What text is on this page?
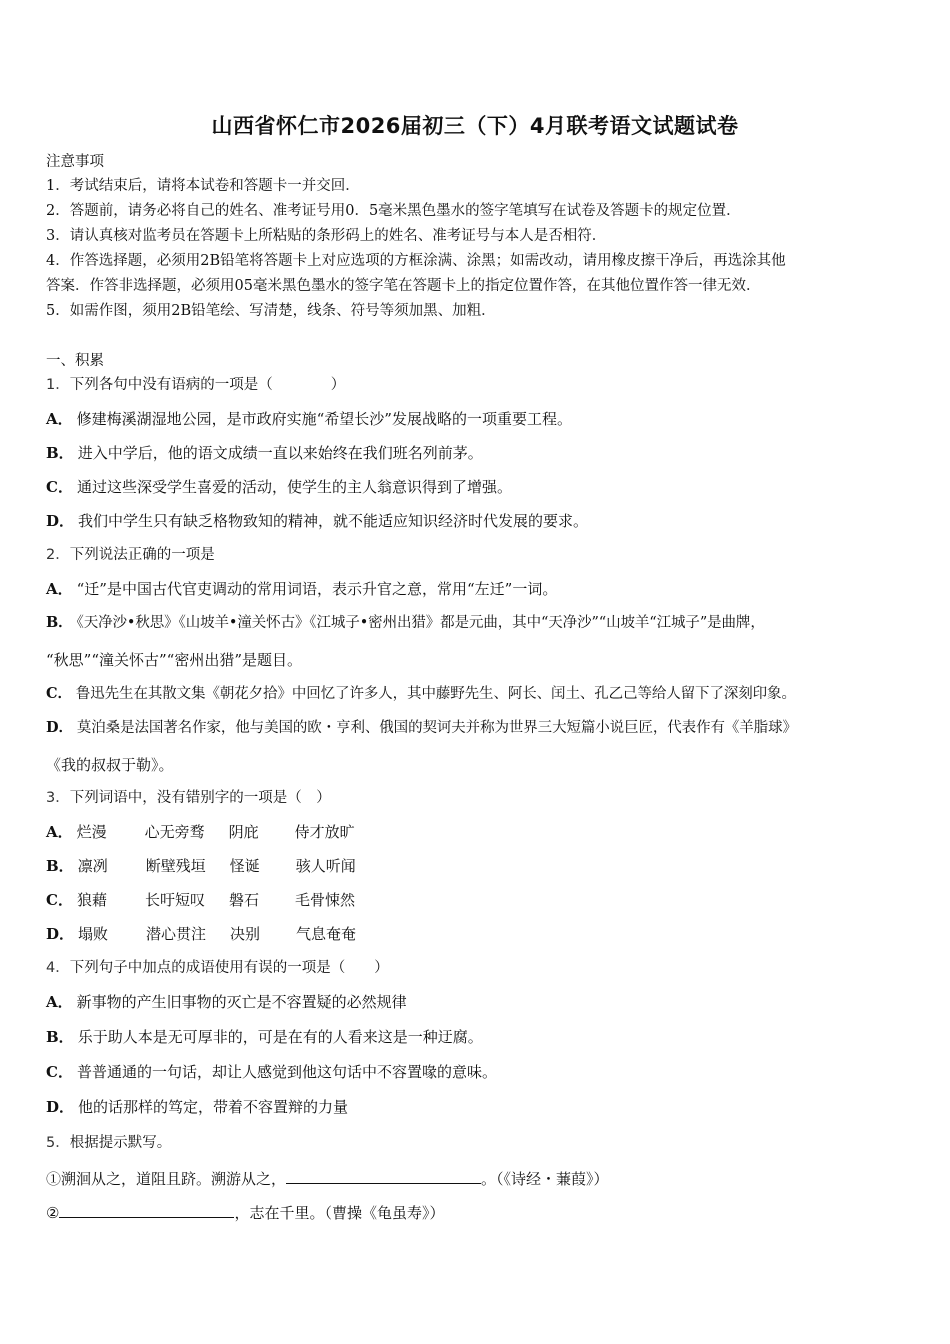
山西省怀仁市2026届初三（下）4月联考语文试题试卷
注意事项
1．考试结束后，请将本试卷和答题卡一并交回．
2．答题前，请务必将自己的姓名、准考证号用0．5毫米黑色墨水的签字笔填写在试卷及答题卡的规定位置．
3．请认真核对监考员在答题卡上所粘贴的条形码上的姓名、准考证号与本人是否相符．
4．作答选择题，必须用2B铅笔将答题卡上对应选项的方框涂满、涂黑；如需改动，请用橡皮擦干净后，再选涂其他
答案．作答非选择题，必须用05毫米黑色墨水的签字笔在答题卡上的指定位置作答，在其他位置作答一律无效．
5．如需作图，须用2B铅笔绘、写清楚，线条、符号等须加黑、加粗．
一、积累
1．下列各句中没有语病的一项是（　　　　）
A． 修建梅溪湖湿地公园，是市政府实施“希望长沙”发展战略的一项重要工程。
B． 进入中学后，他的语文成绩一直以来始终在我们班名列前茅。
C． 通过这些深受学生喜爱的活动，使学生的主人翁意识得到了增强。
D． 我们中学生只有缺乏格物致知的精神，就不能适应知识经济时代发展的要求。
2．下列说法正确的一项是
A． “迁”是中国古代官吏调动的常用词语，表示升官之意，常用“左迁”一词。
B． 《天净沙•秋思》《山坡羊•潼关怀古》《江城子•密州出猎》都是元曲，其中“天净沙”“山坡羊“江城子”是曲牌，
“秋思”“潼关怀古”“密州出猎”是题目。
C． 鲁迅先生在其散文集《朝花夕拾》中回忆了许多人，其中藤野先生、阿长、闰土、孔乙己等给人留下了深刻印象。
D． 莫泊桑是法国著名作家，他与美国的欧・亨利、俄国的契诃夫并称为世界三大短篇小说巨匠，代表作有《羊脂球》
《我的叔叔于勒》。
3．下列词语中，没有错别字的一项是（　）
A． 烂漫	心无旁骛 阴庇 侍才放旷
B． 凛冽	断壁残垣 怪诞 骇人听闻
C． 狼藉	长吁短叹 磐石 毛骨悚然
D． 塌败	潜心贯注 决别 气息奄奄
4．下列句子中加点的成语使用有误的一项是（　　）
A． 新事物的产生旧事物的灭亡是不容置疑的必然规律
B． 乐于助人本是无可厚非的，可是在有的人看来这是一种迂腐。
C． 普普通通的一句话，却让人感觉到他这句话中不容置喙的意味。
D． 他的话那样的笃定，带着不容置辩的力量
5．根据提示默写。
①溯洄从之，道阻且跻。溯游从之，	。（《诗经・蒹葭》）
②	，志在千里。（曹操《龟虽寿》）
